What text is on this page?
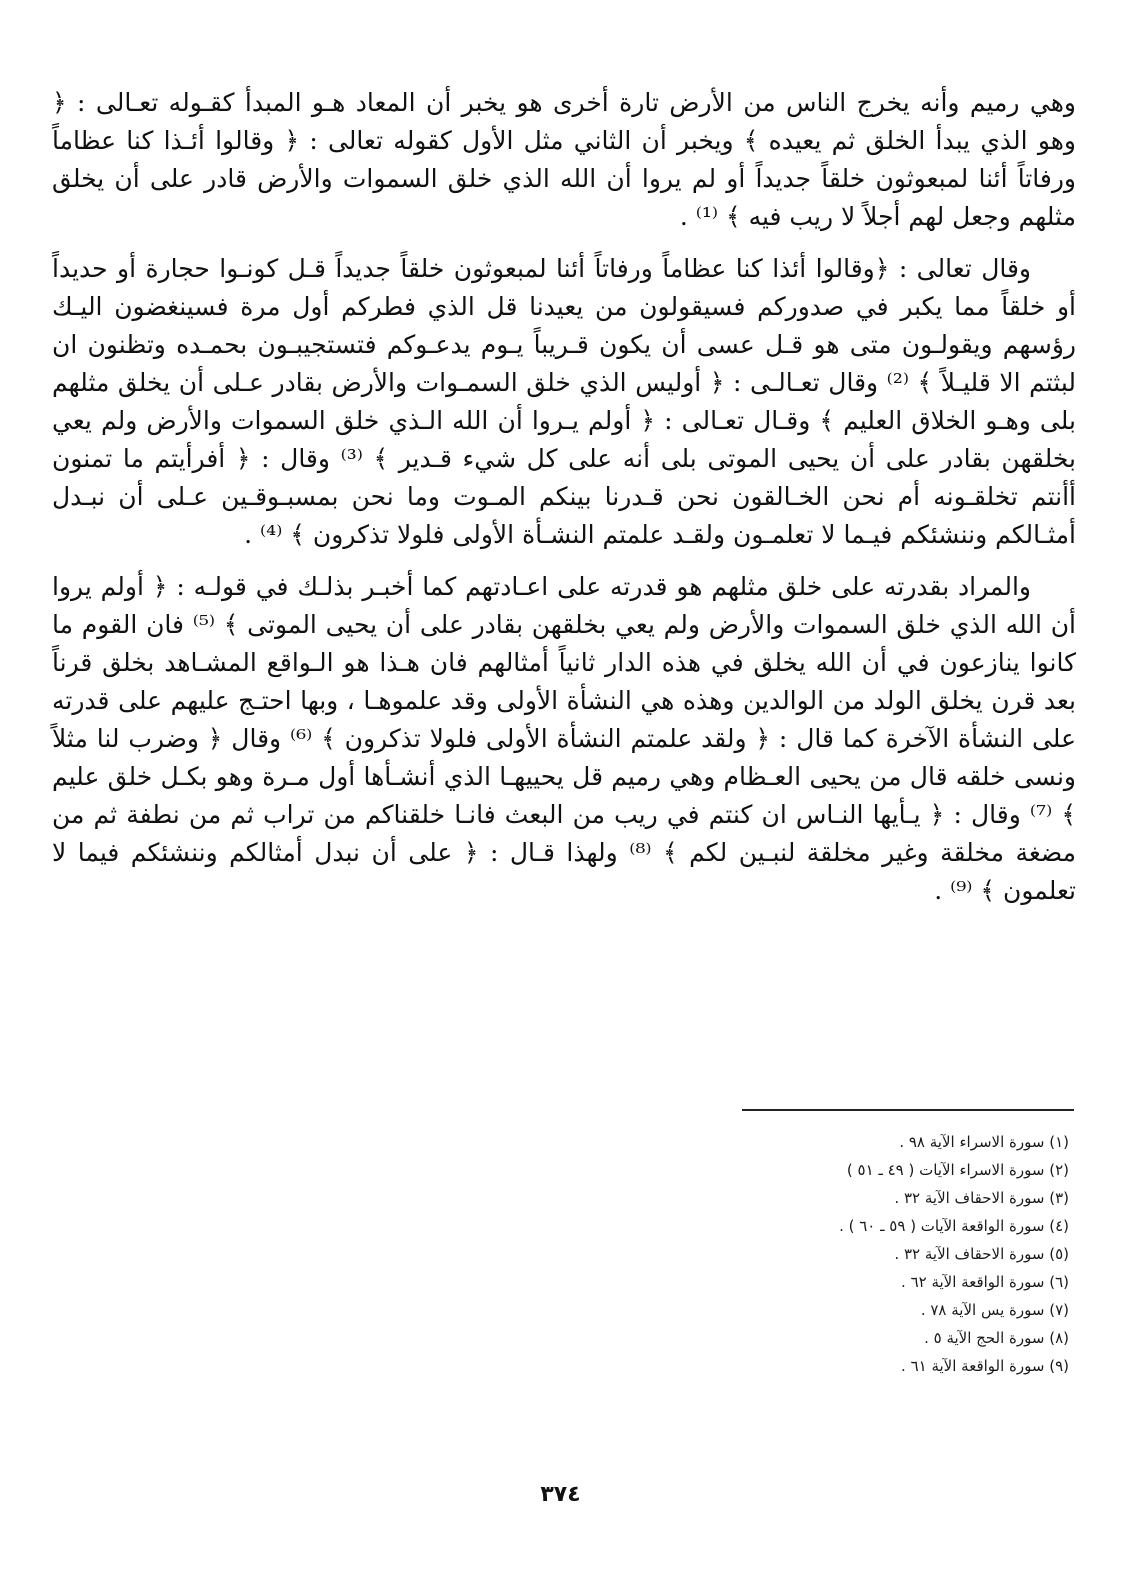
وهي رميم وأنه يخرج الناس من الأرض تارة أخرى هو يخبر أن المعاد هـو المبدأ كقـوله تعـالى : ﴿ وهو الذي يبدأ الخلق ثم يعيده ﴾ ويخبر أن الثاني مثل الأول كقوله تعالى : ﴿ وقالوا أئـذا كنا عظاماً ورفاتاً أئنا لمبعوثون خلقاً جديداً أو لم يروا أن الله الذي خلق السموات والأرض قادر على أن يخلق مثلهم وجعل لهم أجلاً لا ريب فيه ﴾ ⁽¹⁾ .

وقال تعالى : ﴿وقالوا أئذا كنا عظاماً ورفاتاً أئنا لمبعوثون خلقاً جديداً قـل كونـوا حجارة أو حديداً أو خلقاً مما يكبر في صدوركم فسيقولون من يعيدنا قل الذي فطركم أول مرة فسينغضون اليـك رؤسهم ويقولـون متى هو قـل عسى أن يكون قـريباً يـوم يدعـوكم فتستجيبـون بحمـده وتظنون ان لبثتم الا قليـلاً ﴾ ⁽²⁾ وقال تعـالـى : ﴿ أوليس الذي خلق السمـوات والأرض بقادر عـلى أن يخلق مثلهم بلى وهـو الخلاق العليم ﴾ وقـال تعـالى : ﴿ أولم يـروا أن الله الـذي خلق السموات والأرض ولم يعي بخلقهن بقادر على أن يحيى الموتى بلى أنه على كل شيء قـدير ﴾ ⁽³⁾ وقال : ﴿ أفرأيتم ما تمنون أأنتم تخلقـونه أم نحن الخـالقون نحن قـدرنا بينكم المـوت وما نحن بمسبـوقـين عـلى أن نبـدل أمثـالكم وننشئكم فيـما لا تعلمـون ولقـد علمتم النشـأة الأولى فلولا تذكرون ﴾ ⁽⁴⁾ .

والمراد بقدرته على خلق مثلهم هو قدرته على اعـادتهم كما أخبـر بذلـك في قولـه : ﴿ أولم يروا أن الله الذي خلق السموات والأرض ولم يعي بخلقهن بقادر على أن يحيى الموتى ﴾ ⁽⁵⁾ فان القوم ما كانوا ينازعون في أن الله يخلق في هذه الدار ثانياً أمثالهم فان هـذا هو الـواقع المشـاهد بخلق قرناً بعد قرن يخلق الولد من الوالدين وهذه هي النشأة الأولى وقد علموهـا ، وبها احتـج عليهم على قدرته على النشأة الآخرة كما قال : ﴿ ولقد علمتم النشأة الأولى فلولا تذكرون ﴾ ⁽⁶⁾ وقال ﴿ وضرب لنا مثلاً ونسى خلقه قال من يحيى العـظام وهي رميم قل يحييهـا الذي أنشـأها أول مـرة وهو بكـل خلق عليم ﴾ ⁽⁷⁾ وقال : ﴿ يـأيها النـاس ان كنتم في ريب من البعث فانـا خلقناكم من تراب ثم من نطفة ثم من مضغة مخلقة وغير مخلقة لنبـين لكم ﴾ ⁽⁸⁾ ولهذا قـال : ﴿ على أن نبدل أمثالكم وننشئكم فيما لا تعلمون ﴾ ⁽⁹⁾ .

(١) سورة الاسراء الآية ٩٨ .
(٢) سورة الاسراء الآيات ( ٤٩ ـ ٥١ )
(٣) سورة الاحقاف الآية ٣٢ .
(٤) سورة الواقعة الآيات ( ٥٩ ـ ٦٠ ) .
(٥) سورة الاحقاف الآية ٣٢ .
(٦) سورة الواقعة الآية ٦٢ .
(٧) سورة يس الآية ٧٨ .
(٨) سورة الحج الآية ٥ .
(٩) سورة الواقعة الآية ٦١ .
٣٧٤
